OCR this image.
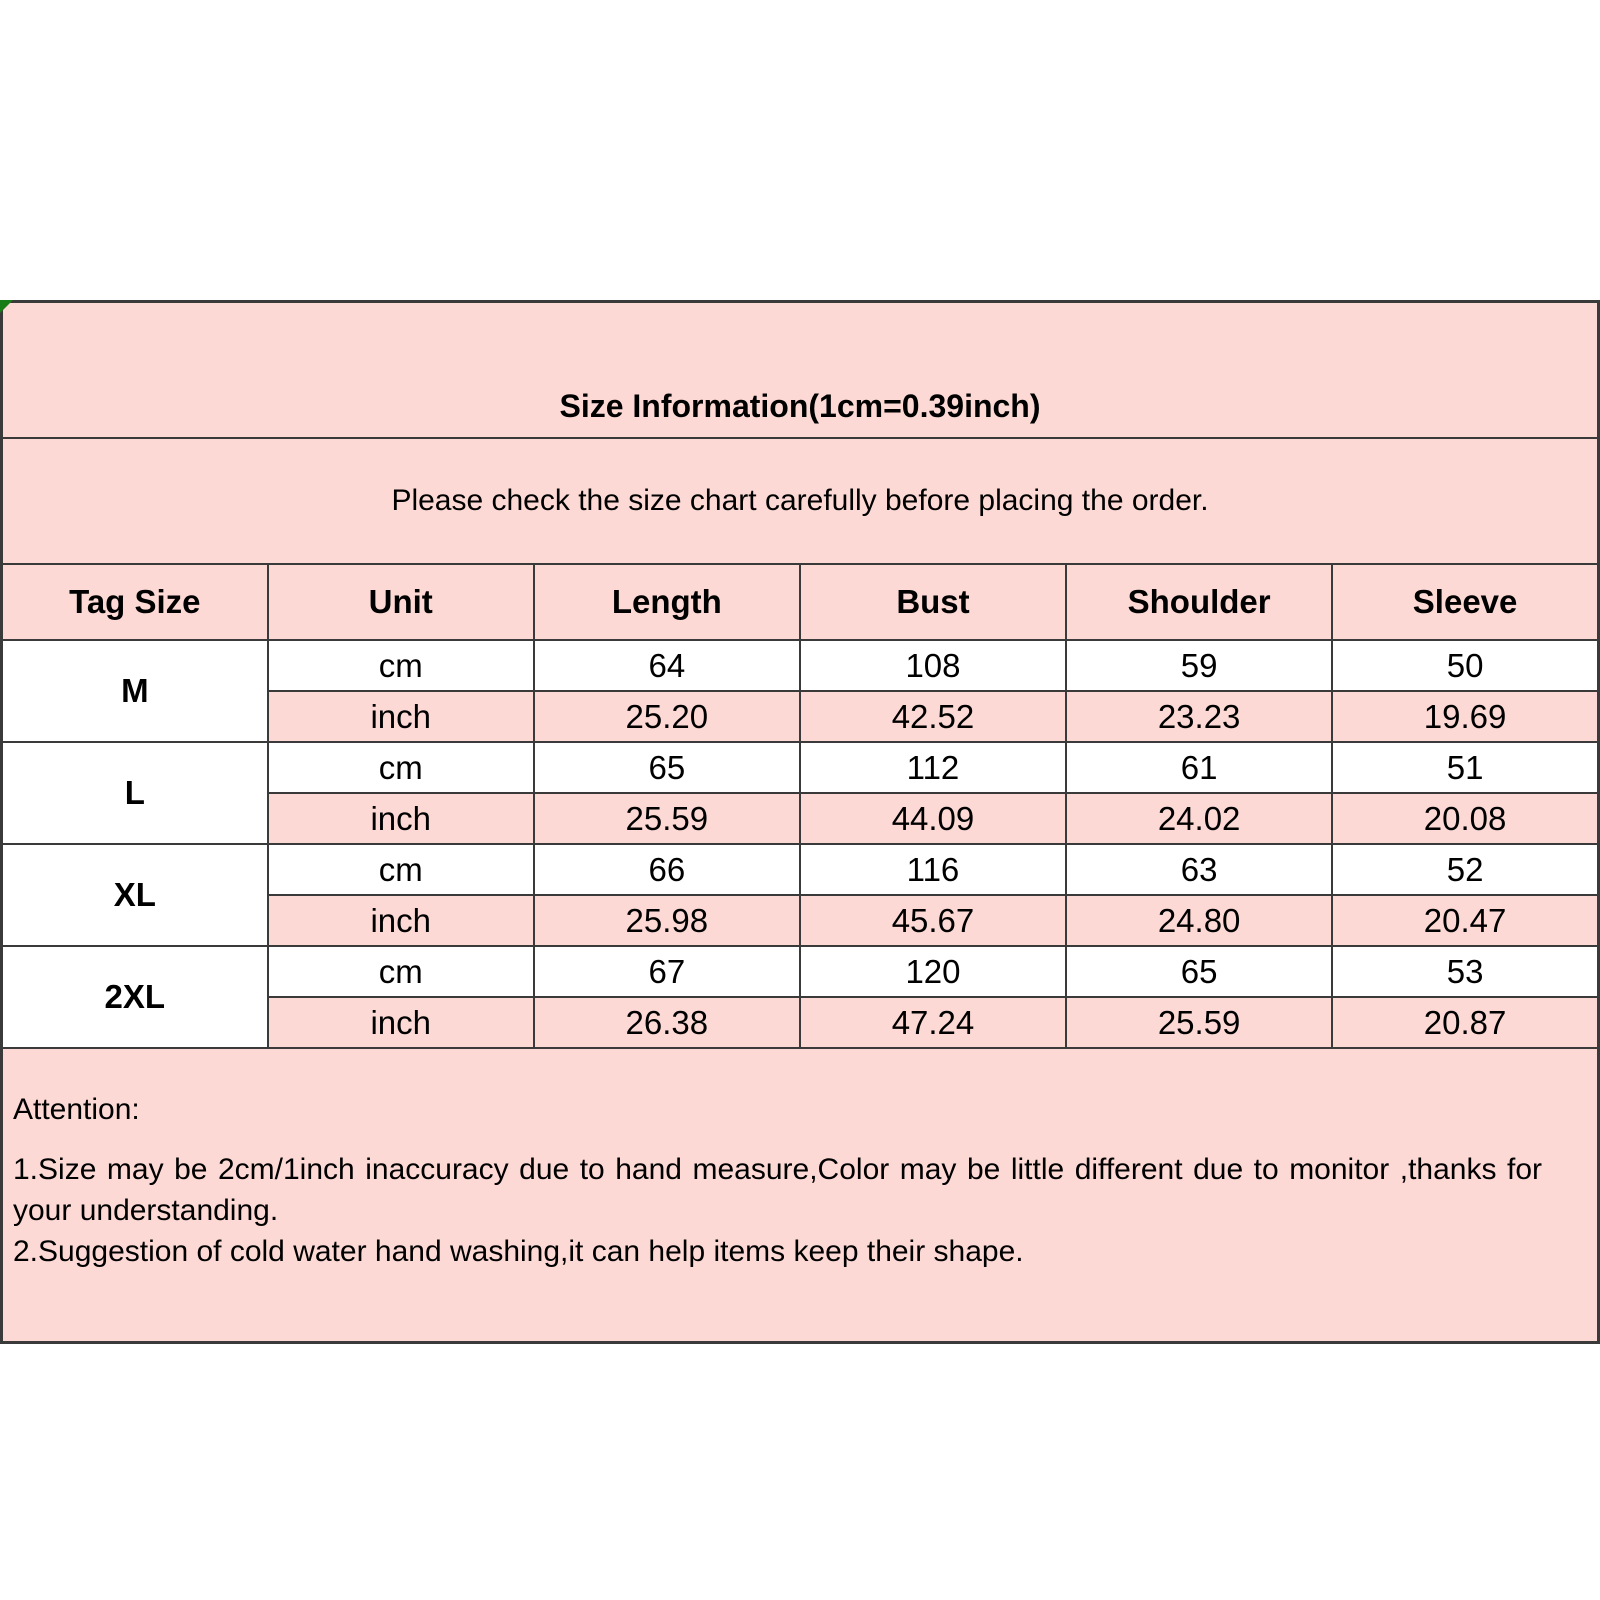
Size Information(1cm=0.39inch)					
Please check the size chart carefully before placing the order.					
Tag Size	Unit	Length	Bust	Shoulder	Sleeve
M	cm	64	108	59	50
	inch	25.20	42.52	23.23	19.69
L	cm	65	112	61	51
	inch	25.59	44.09	24.02	20.08
XL	cm	66	116	63	52
	inch	25.98	45.67	24.80	20.47
2XL	cm	67	120	65	53
	inch	26.38	47.24	25.59	20.87

Attention:

1.Size may be 2cm/1inch inaccuracy due to hand measure,Color may be little different due to monitor ,thanks for your understanding.

2.Suggestion of cold water hand washing,it can help items keep their shape.					
